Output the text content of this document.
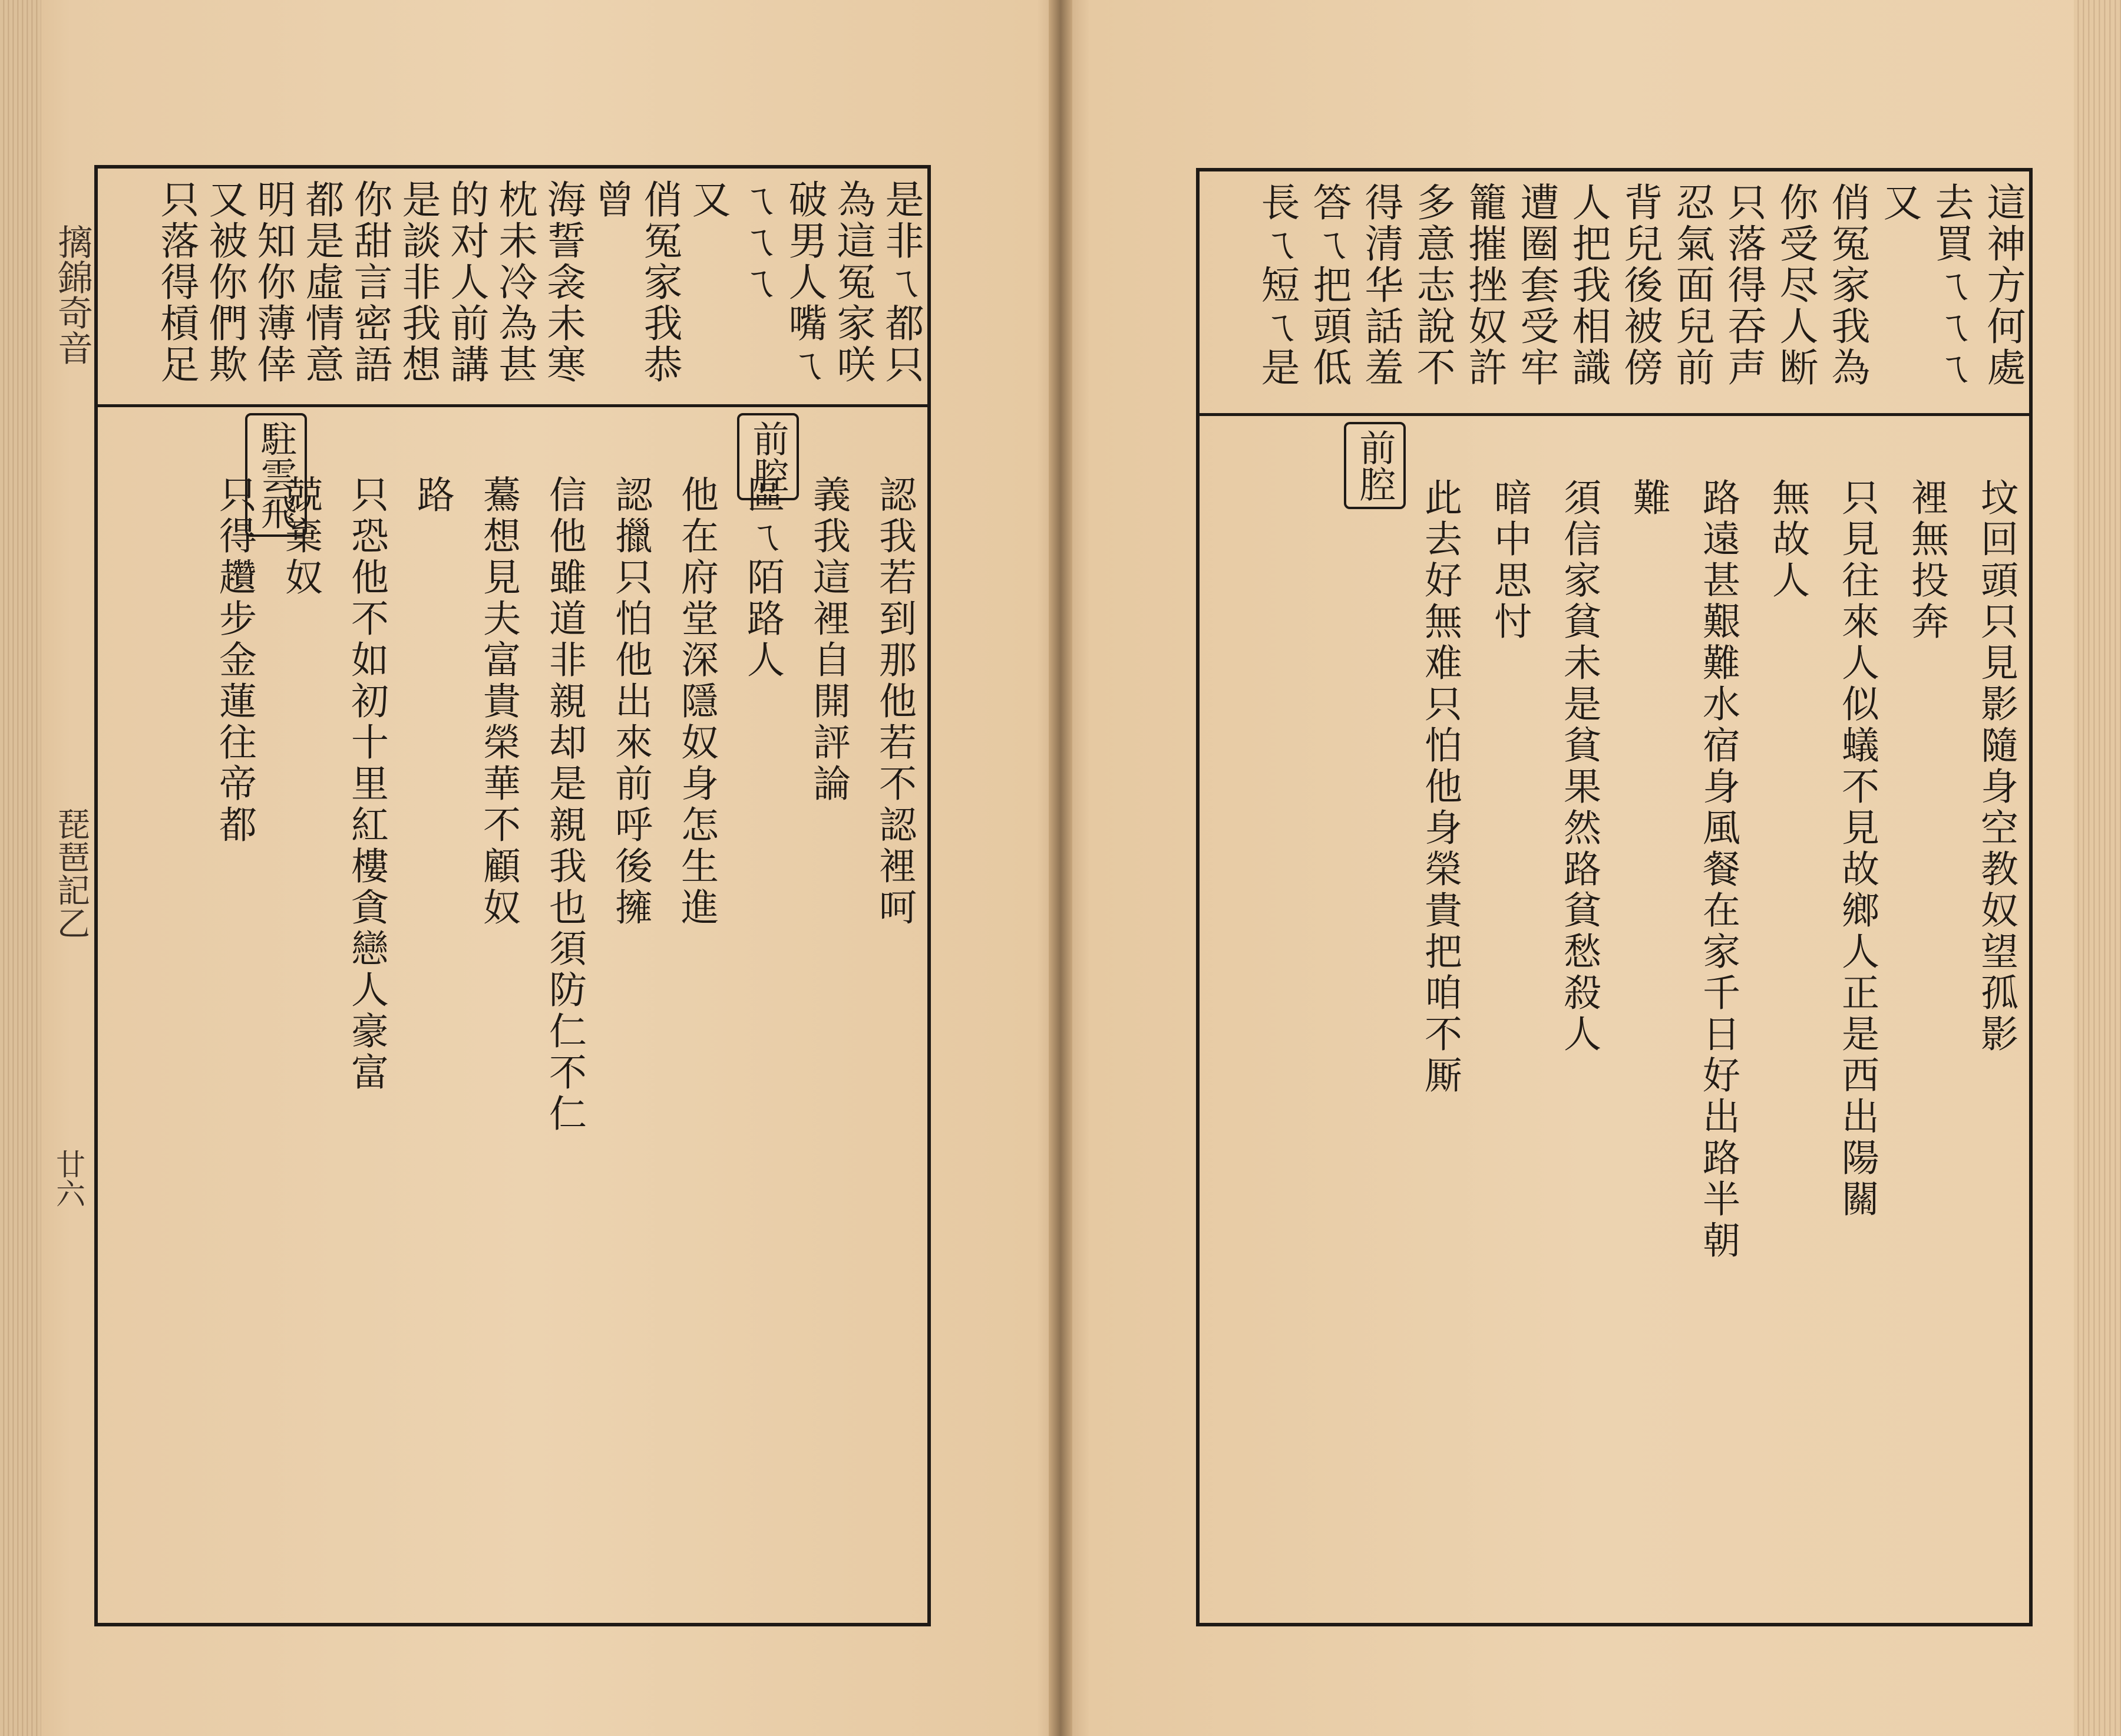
摛錦奇音
琵琶記乙
廿六
是非ㄟ都只
為這冤家咲
破男人嘴ㄟ
ㄟㄟㄟ
又
俏冤家我恭
曾
海誓衾未寒
枕未冷為甚
的对人前講
是談非我想
你甜言密語
都是虛情意
明知你薄倖
又被你們欺
只落得槓足
前腔
駐雲飛	認我若到那他若不認裡呵
義我這裡自開評論
區ㄟ陌路人
他在府堂深隱奴身怎生進
認擸只怕他出來前呼後擁
信他雖道非親却是親我也須防仁不仁
驀想見夫富貴榮華不顧奴
路
只恐他不如初十里紅樓貪戀人豪富
兢棄奴
只得趲步金蓮往帝都
這神方何處
去買ㄟㄟㄟ
又
俏冤家我為
你受尽人断
只落得吞声
忍氣面兒前
背兒後被傍
人把我相識
遭圈套受牢
籠摧挫奴許
多意志說不
得清华話羞
答ㄟ把頭低
長ㄟ短ㄟ是
前腔
坟回頭只見影隨身空教奴望孤影
裡無投奔
只見往來人似蟻不見故鄉人正是西出陽關
無故人
路遠甚艱難水宿身風餐在家千日好出路半朝
難
須信家貧未是貧果然路貧愁殺人
暗中思忖
此去好無难只怕他身榮貴把咱不厮
